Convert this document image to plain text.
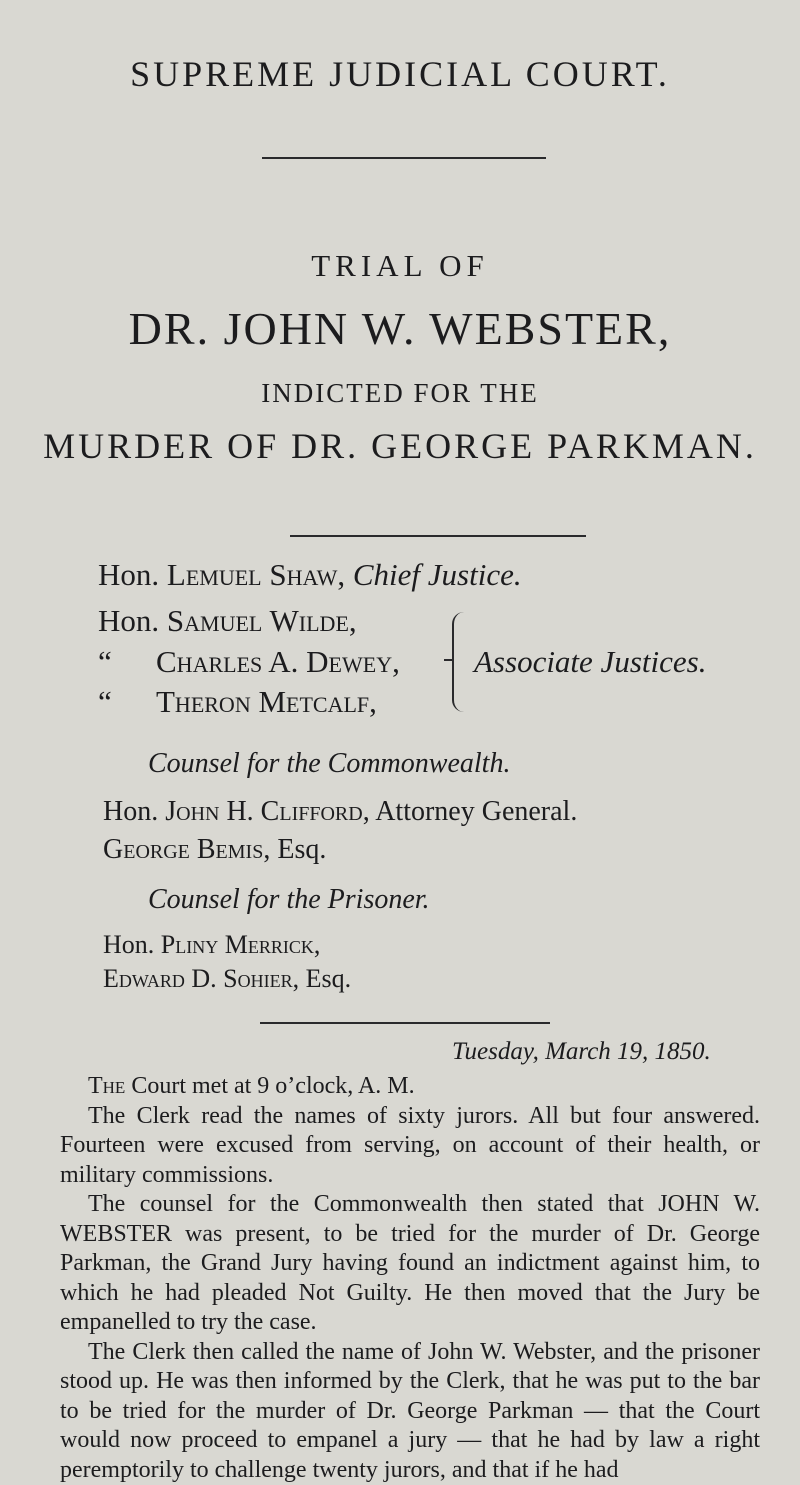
SUPREME JUDICIAL COURT.
TRIAL OF
DR. JOHN W. WEBSTER,
INDICTED FOR THE
MURDER OF DR. GEORGE PARKMAN.
Hon. Lemuel Shaw, Chief Justice.
Hon. Samuel Wilde,
“ Charles A. Dewey,
“ Theron Metcalf,
Associate Justices.
Counsel for the Commonwealth.
Hon. John H. Clifford, Attorney General.
George Bemis, Esq.
Counsel for the Prisoner.
Hon. Pliny Merrick,
Edward D. Sohier, Esq.
Tuesday, March 19, 1850.

The Court met at 9 o’clock, A. M.

The Clerk read the names of sixty jurors. All but four answered. Fourteen were excused from serving, on account of their health, or military commissions.

The counsel for the Commonwealth then stated that JOHN W. WEBSTER was present, to be tried for the murder of Dr. George Parkman, the Grand Jury having found an indictment against him, to which he had pleaded Not Guilty. He then moved that the Jury be empanelled to try the case.

The Clerk then called the name of John W. Webster, and the prisoner stood up. He was then informed by the Clerk, that he was put to the bar to be tried for the murder of Dr. George Parkman — that the Court would now proceed to empanel a jury — that he had by law a right peremptorily to challenge twenty jurors, and that if he had
